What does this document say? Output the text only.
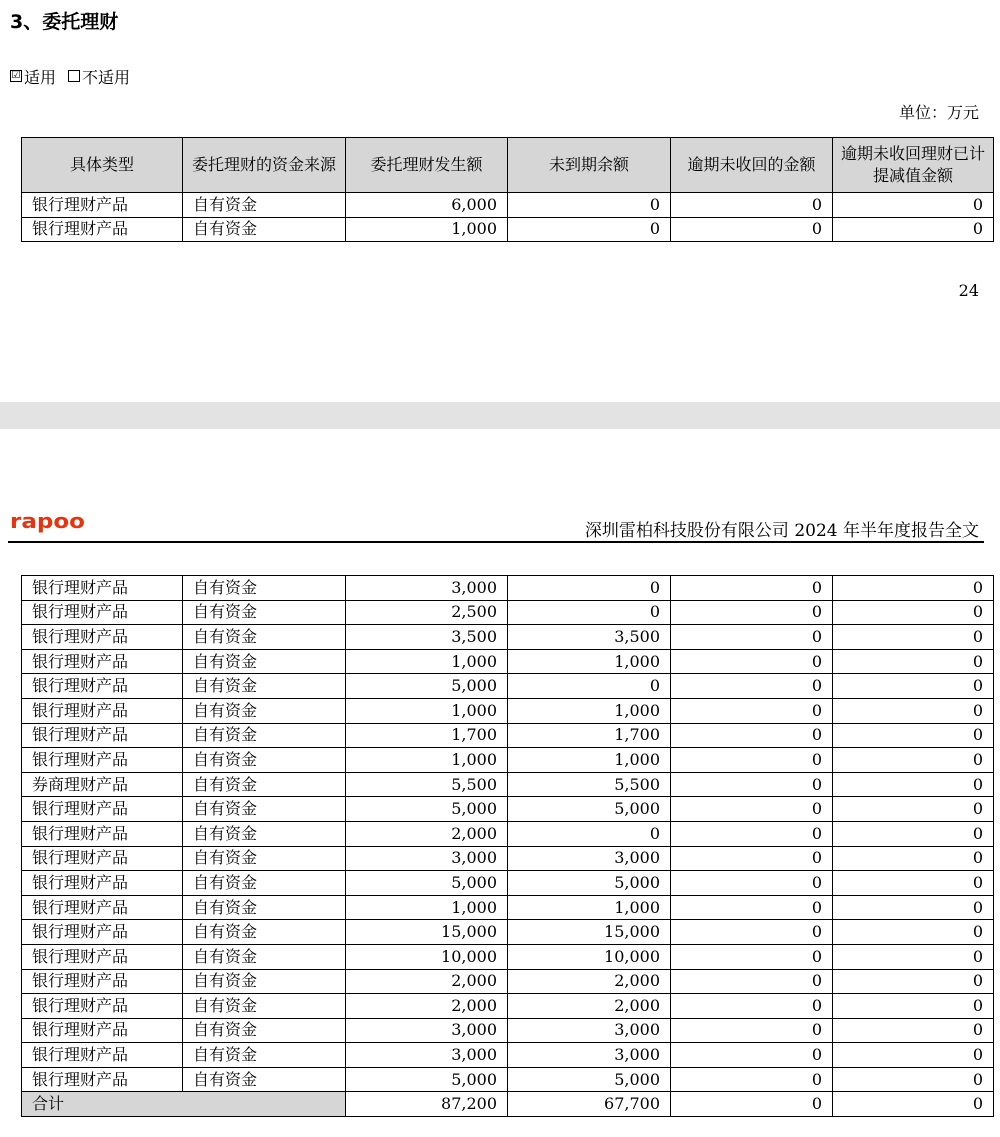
3、委托理财
☑ 适用 不适用
单位：万元
具体类型	委托理财的资金来源	委托理财发生额	未到期余额	逾期未收回的金额	逾期未收回理财已计提减值金额
银行理财产品	自有资金	6,000	0	0	0
银行理财产品	自有资金	1,000	0	0	0
24
rapoo	深圳雷柏科技股份有限公司 2024 年半年度报告全文
银行理财产品	自有资金	3,000	0	0	0
银行理财产品	自有资金	2,500	0	0	0
银行理财产品	自有资金	3,500	3,500	0	0
银行理财产品	自有资金	1,000	1,000	0	0
银行理财产品	自有资金	5,000	0	0	0
银行理财产品	自有资金	1,000	1,000	0	0
银行理财产品	自有资金	1,700	1,700	0	0
银行理财产品	自有资金	1,000	1,000	0	0
券商理财产品	自有资金	5,500	5,500	0	0
银行理财产品	自有资金	5,000	5,000	0	0
银行理财产品	自有资金	2,000	0	0	0
银行理财产品	自有资金	3,000	3,000	0	0
银行理财产品	自有资金	5,000	5,000	0	0
银行理财产品	自有资金	1,000	1,000	0	0
银行理财产品	自有资金	15,000	15,000	0	0
银行理财产品	自有资金	10,000	10,000	0	0
银行理财产品	自有资金	2,000	2,000	0	0
银行理财产品	自有资金	2,000	2,000	0	0
银行理财产品	自有资金	3,000	3,000	0	0
银行理财产品	自有资金	3,000	3,000	0	0
银行理财产品	自有资金	5,000	5,000	0	0
合计		87,200	67,700	0	0
